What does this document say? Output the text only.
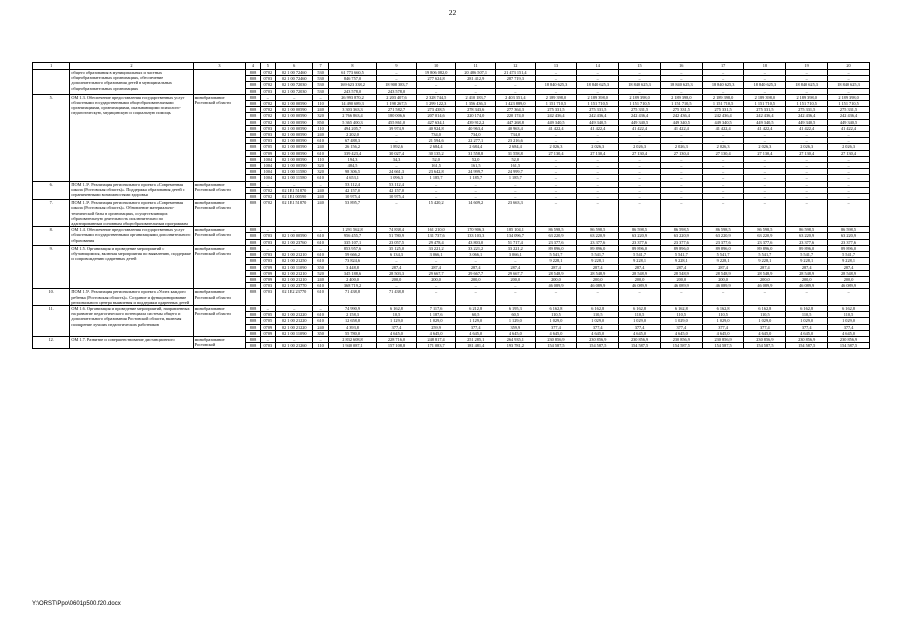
22
1	2	3	4	5	6	7	8	9	10	11	12	13	14	15	16	17	18	19	20
	общего образования в муниципальных и частных общеобразовательных организациях, обеспечение дополнительного образования детей в муниципальных общеобразовательных организациях		808	0702	02 1 00 72460	530	61 773 660,5	–	19 806 082,0	20 486 507,1	21 473 151,4	–	–	–	–	–	–	–	–
			808	0703	02 1 00 72460	530	846 757,0	–	277 624,8	281 412,9	287 719,3	–	–	–	–	–	–	–	–
			808	0702	02 1 00 72030	530	169 623 338,2	18 908 383,7	–	–	–	18 840 625,3	18 840 625,3	18 840 625,3	18 840 625,3	18 840 625,3	18 840 625,3	18 840 625,3	18 840 625,3
			808	0703	02 1 00 72030	530	243 578,0	243 578,0	–	–	–	–	–	–	–	–	–	–	–
5.	ОМ 1.3. Обеспечение предоставления государственных услуг областными государственными общеобразовательными организациями, организациями, оказывающими психолого-педагогическую, медицинскую и социальную помощь	минобразование Ростовской области	808	–	–	–	26 993 870,2	2 203 407,6	2 328 744,5	2 410 183,7	2 403 351,4	2 189 398,0	2 189 398,0	2 189 398,0	2 189 398,0	2 189 398,0	2 189 398,0	2 189 398,0	2 189 398,0
			808	0702	02 1 00 00590	110	14 490 689,3	1 198 267,5	1 299 122,3	1 356 436,3	1 423 889,0	1 151 710,5	1 151 710,5	1 151 710,5	1 151 710,5	1 151 710,5	1 151 710,5	1 151 710,5	1 151 710,5
			808	0702	02 1 00 00590	240	3 303 363,3	271 582,7	273 438,5	278 343,6	277 364,3	275 331,5	275 331,5	275 331,5	275 331,5	275 331,5	275 331,5	275 331,5	275 331,5
			808	0702	02 1 00 00590	320	2 766 863,4	180 006,6	207 014,6	220 174,0	220 174,0	242 436,4	242 436,4	242 436,4	242 436,4	242 436,4	242 436,4	242 436,4	242 436,4
			808	0702	02 1 00 00590	850	5 365 400,3	455 861,0	427 634,1	439 912,2	447 268,8	449 340,5	449 340,5	449 340,5	449 340,5	449 340,5	449 340,5	449 340,5	449 340,5
			808	0703	02 1 00 00590	110	494 205,7	39 974,9	40 924,8	40 963,4	40 963,4	41 422,4	41 422,4	41 422,4	41 422,4	41 422,4	41 422,4	41 422,4	41 422,4
			808	0703	02 1 00 00590	240	2 202,0	–	734,0	734,0	734,0	–	–	–	–	–	–	–	–
			808	0703	02 1 00 00590	610	67 488,3	–	21 594,6	22 277,1	23 216,6	–	–	–	–	–	–	–	–
			808	0705	02 1 00 00590	240	26 156,2	1 892,6	2 684,4	2 684,4	2 684,4	2 026,3	2 026,3	2 026,3	2 026,3	2 026,3	2 026,3	2 026,3	2 026,3
			808	0709	02 1 00 00590	610	339 423,4	30 027,4	30 135,2	31 558,8	31 558,8	27 130,4	27 130,4	27 130,4	27 130,4	27 130,4	27 130,4	27 130,4	27 130,4
			808	1004	02 1 00 00590	110	194,3	34,3	52,0	52,0	52,0	–	–	–	–	–	–	–	–
			808	1004	02 1 00 00590	320	484,5	–	161,5	161,5	161,5	–	–	–	–	–	–	–	–
			808	1004	02 1 00 11580	320	98 306,5	24 661,3	23 642,8	24 999,7	24 999,7	–	–	–	–	–	–	–	–
			808	1004	02 1 00 11580	610	4 653,1	1 096,3	1 185,7	1 185,7	1 185,7	–	–	–	–	–	–	–	–
6.	ПОМ 1.3¹. Реализация регионального проекта «Современная школа (Ростовская область)». Поддержка образования детей с ограниченными возможностями здоровья	минобразование Ростовской области	808	–	–	–	53 112,4	53 112,4	–	–	–	–	–	–	–	–	–	–	–
			808	0702	02 1Е1 51870	240	42 157,0	42 157,0	–	–	–	–	–	–	–	–	–	–	–
			808	0702	02 1Е1 00590	240	10 975,4	10 975,4	–	–	–	–	–	–	–	–	–	–	–
7.	ПОМ 1.3². Реализация регионального проекта «Современная школа (Ростовская область)». Обновление материально-технической базы в организациях, осуществляющих образовательную деятельность исключительно по адаптированным основным общеобразовательным программам	минобразование Ростовской области	808	0702	02 1Е1 51870	240	53 895,7	–	15 420,2	14 609,2	23 663,3	–	–	–	–	–	–	–	–
8.	ОМ 1.4. Обеспечение предоставления государственных услуг областными государственными организациями дополнительного образования	минобразование Ростовской области	808	–	–	–	1 291 562,8	74 838,4	161 210,0	170 906,3	185 104,1	86 598,5	86 598,5	86 598,5	86 598,5	86 598,5	86 598,5	86 598,5	86 598,5
			808	0703	02 1 00 00590	610	956 455,7	51 780,9	131 737,6	133 103,3	134 096,7	63 220,9	63 220,9	63 220,9	63 220,9	63 220,9	63 220,9	63 220,9	63 220,9
			808	0703	02 1 00 23760	610	335 107,1	23 057,5	29 478,4	43 803,0	51 717,4	23 377,6	23 377,6	23 377,6	23 377,6	23 377,6	23 377,6	23 377,6	23 377,6
9.	ОМ 1.5. Организация и проведение мероприятий с обучающимися, включая мероприятия по выявлению, поддержке и сопровождению одаренных детей	минобразование Ростовской области	808	–	–	–	853 957,6	35 125,0	33 221,2	33 221,2	33 221,2	89 896,0	89 896,0	89 896,0	89 896,0	89 896,0	89 896,0	89 896,0	89 896,0
			808	0703	02 1 00 21210	610	59 666,2	6 134,3	3 066,1	3 066,1	3 066,1	5 541,7	5 541,7	5 541,7	5 541,7	5 541,7	5 541,7	5 541,7	5 541,7
			808	0703	02 1 00 21250	610	73 824,6	–	–	–	–	9 228,1	9 228,1	9 228,1	9 228,1	9 228,1	9 228,1	9 228,1	9 228,1
			808	0709	02 1 00 11090	350	3 448,8	287,4	287,4	287,4	287,4	287,4	287,4	287,4	287,4	287,4	287,4	287,4	287,4
			808	0709	02 1 00 21210	520	345 188,6	28 503,3	29 667,7	29 667,7	29 667,7	28 548,9	28 548,9	28 548,9	28 548,9	28 548,9	28 548,9	28 548,9	28 548,9
			808	0709	02 1 00 21210	240	2 400,0	200,0	200,0	200,0	200,0	200,0	200,0	200,0	200,0	200,0	200,0	200,0	200,0
			808	0703	02 1 00 23770	610	368 719,2	–	–	–	–	46 089,9	46 089,9	46 089,9	46 089,9	46 089,9	46 089,9	46 089,9	46 089,9
10.	ПОМ 1.5¹. Реализация регионального проекта «Успех каждого ребенка (Ростовская область)». Создание и функционирование регионального центра выявления и поддержки одаренных детей	минобразование Ростовской области	808	0703	02 1Е2 23770	610	71 438,8	71 438,8	–	–	–	–	–	–	–	–	–	–	–
11.	ОМ 1.6. Организация и проведение мероприятий, направленных на развитие педагогического потенциала системы общего и дополнительного образования Ростовской области, включая поощрение лучших педагогических работников	минобразование Ростовской области	808	–	–	–	74 990,9	6 162,8	7 117,6	6 212,8	6 195,3	6 162,8	6 162,8	6 162,8	6 162,8	6 162,8	6 162,8	6 162,8	6 162,8
			808	0705	02 1 00 21220	610	2 158,3	10,5	1 187,6	60,5	60,5	110,5	110,5	110,5	110,5	110,5	110,5	110,5	110,5
			808	0705	02 1 00 21220	610	12 658,8	1 129,0	1 029,0	1 129,0	1 129,0	1 029,0	1 029,0	1 029,0	1 029,0	1 029,0	1 029,0	1 029,0	1 029,0
			808	0709	02 1 00 21220	240	4 393,8	377,4	259,9	377,4	359,9	377,4	377,4	377,4	377,4	377,4	377,4	377,4	377,4
			808	0709	02 1 00 11090	350	55 780,0	4 645,0	4 645,0	4 645,0	4 645,0	4 645,0	4 645,0	4 645,0	4 645,0	4 645,0	4 645,0	4 645,0	4 645,0
12.	ОМ 1.7. Развитие и совершенствование дистанционного	минобразование Ростовской	808	–	–	–	2 832 608,8	228 716,0	248 817,4	251 285,1	264 935,1	230 856,9	230 856,9	230 856,9	230 856,9	230 856,9	230 856,9	230 856,9	230 856,9
			808	0703	02 1 00 21260	110	1 940 087,1	157 108,8	171 083,7	181 481,4	193 781,2	154 587,5	154 587,5	154 587,5	154 587,5	154 587,5	154 587,5	154 587,5	154 587,5
Y:\ORST\Ppo\0601p500.f20.docx
